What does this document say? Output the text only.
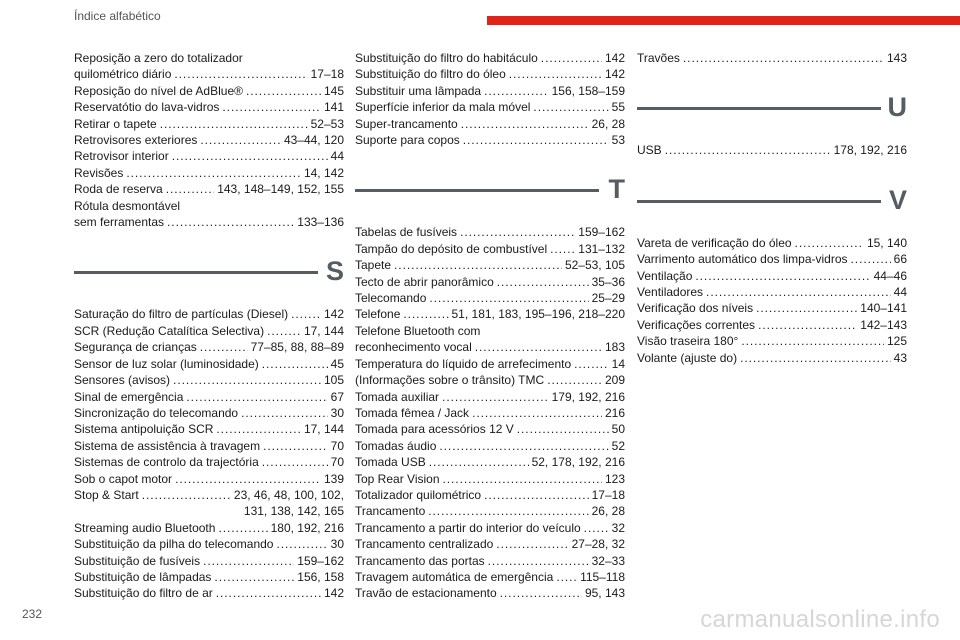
Índice alfabético
Reposição a zero do totalizador
quilométrico diário . . .	17–18
Reposição do nível de AdBlue® . . .	145
Reservatótio do lava-vidros . . .	141
Retirar o tapete . . .	52–53
Retrovisores exteriores . . .	43–44, 120
Retrovisor interior . . .	44
Revisões . . .	14, 142
Roda de reserva . . .	143, 148–149, 152, 155
Rótula desmontável
sem ferramentas . . .	133–136
S
Saturação do filtro de partículas (Diesel) . . .	142
SCR (Redução Catalítica Selectiva) . . .	17, 144
Segurança de crianças . . .	77–85, 88, 88–89
Sensor de luz solar (luminosidade) . . .	45
Sensores (avisos) . . .	105
Sinal de emergência . . .	67
Sincronização do telecomando . . .	30
Sistema antipoluição SCR . . .	17, 144
Sistema de assistência à travagem . . .	70
Sistemas de controlo da trajectória . . .	70
Sob o capot motor . . .	139
Stop & Start . . .	23, 46, 48, 100, 102,
131, 138, 142, 165
Streaming audio Bluetooth . . .	180, 192, 216
Substituição da pilha do telecomando . . .	30
Substituição de fusíveis . . .	159–162
Substituição de lâmpadas . . .	156, 158
Substituição do filtro de ar . . .	142
Substituição do filtro do habitáculo . . .	142
Substituição do filtro do óleo . . .	142
Substituir uma lâmpada . . .	156, 158–159
Superfície inferior da mala móvel . . .	55
Super-trancamento . . .	26, 28
Suporte para copos . . .	53
T
Tabelas de fusíveis . . .	159–162
Tampão do depósito de combustível . . .	131–132
Tapete . . .	52–53, 105
Tecto de abrir panorâmico . . .	35–36
Telecomando . . .	25–29
Telefone . . .	51, 181, 183, 195–196, 218–220
Telefone Bluetooth com
reconhecimento vocal . . .	183
Temperatura do líquido de arrefecimento . . .	14
(Informações sobre o trânsito) TMC . . .	209
Tomada auxiliar . . .	179, 192, 216
Tomada fêmea / Jack . . .	216
Tomada para acessórios 12 V . . .	50
Tomadas áudio . . .	52
Tomada USB . . .	52, 178, 192, 216
Top Rear Vision . . .	123
Totalizador quilométrico . . .	17–18
Trancamento . . .	26, 28
Trancamento a partir do interior do veículo . . .	32
Trancamento centralizado . . .	27–28, 32
Trancamento das portas . . .	32–33
Travagem automática de emergência . . . 115–118
Travão de estacionamento . . .	95, 143
Travões . . .	143
U
USB . . .	178, 192, 216
V
Vareta de verificação do óleo . . .	15, 140
Varrimento automático dos limpa-vidros . . .	66
Ventilação . . .	44–46
Ventiladores . . .	44
Verificação dos níveis . . .	140–141
Verificações correntes . . .	142–143
Visão traseira 180° . . .	125
Volante (ajuste do) . . .	43
232	carmanualsonline.info
